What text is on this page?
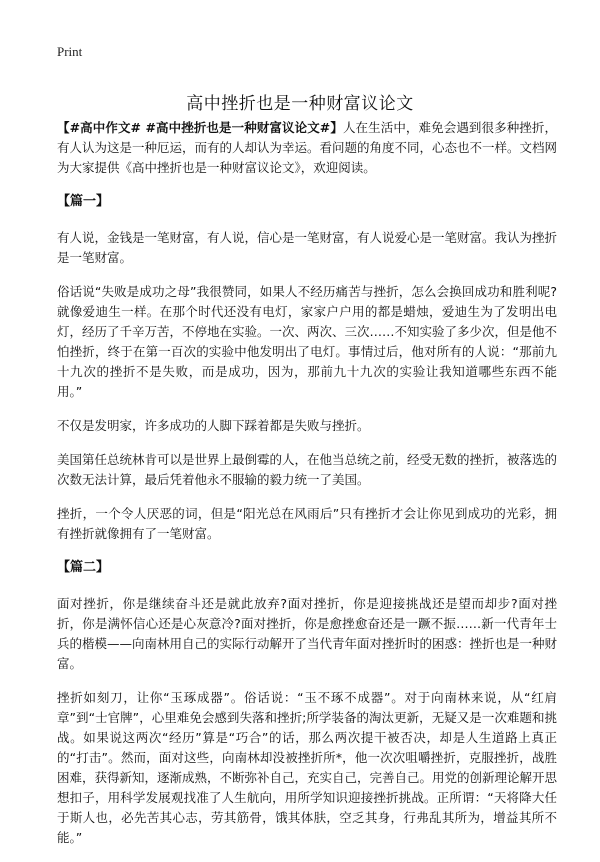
Print
高中挫折也是一种财富议论文

【#高中作文# #高中挫折也是一种财富议论文#】人在生活中，难免会遇到很多种挫折，有人认为这是一种厄运，而有的人却认为幸运。看问题的角度不同，心态也不一样。文档网为大家提供《高中挫折也是一种财富议论文》，欢迎阅读。

【篇一】

有人说，金钱是一笔财富，有人说，信心是一笔财富，有人说爱心是一笔财富。我认为挫折是一笔财富。

俗话说“失败是成功之母”我很赞同，如果人不经历痛苦与挫折，怎么会换回成功和胜利呢?就像爱迪生一样。在那个时代还没有电灯，家家户户用的都是蜡烛，爱迪生为了发明出电灯，经历了千辛万苦，不停地在实验。一次、两次、三次……不知实验了多少次，但是他不怕挫折，终于在第一百次的实验中他发明出了电灯。事情过后，他对所有的人说：“那前九十九次的挫折不是失败，而是成功，因为，那前九十九次的实验让我知道哪些东西不能用。”

不仅是发明家，许多成功的人脚下踩着都是失败与挫折。

美国第任总统林肯可以是世界上最倒霉的人，在他当总统之前，经受无数的挫折，被落选的次数无法计算，最后凭着他永不服输的毅力统一了美国。

挫折，一个令人厌恶的词，但是“阳光总在风雨后”只有挫折才会让你见到成功的光彩，拥有挫折就像拥有了一笔财富。

【篇二】

面对挫折，你是继续奋斗还是就此放弃?面对挫折，你是迎接挑战还是望而却步?面对挫折，你是满怀信心还是心灰意冷?面对挫折，你是愈挫愈奋还是一蹶不振……新一代青年士兵的楷模——向南林用自己的实际行动解开了当代青年面对挫折时的困惑：挫折也是一种财富。

挫折如刻刀，让你“玉琢成器”。俗话说：“玉不琢不成器”。对于向南林来说，从“红肩章”到“士官牌”，心里难免会感到失落和挫折;所学装备的淘汰更新，无疑又是一次难题和挑战。如果说这两次“经历”算是“巧合”的话，那么两次提干被否决，却是人生道路上真正的“打击”。然而，面对这些，向南林却没被挫折所*，他一次次咀嚼挫折，克服挫折，战胜困难，获得新知，逐渐成熟，不断弥补自己，充实自己，完善自己。用党的创新理论解开思想扣子，用科学发展观找准了人生航向，用所学知识迎接挫折挑战。正所谓：“天将降大任于斯人也，必先苦其心志，劳其筋骨，饿其体肤，空乏其身，行弗乱其所为，增益其所不能。”
